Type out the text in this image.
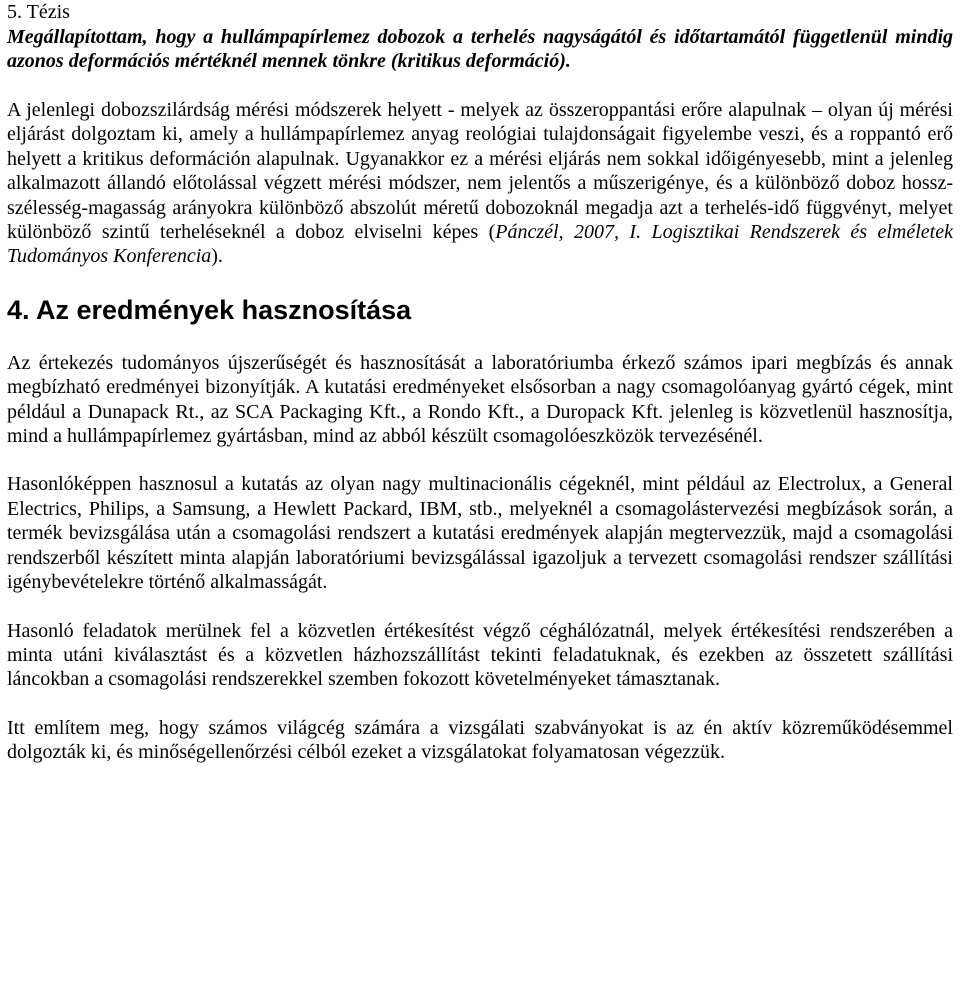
5. Tézis

Megállapítottam, hogy a hullámpapírlemez dobozok a terhelés nagyságától és időtartamától függetlenül mindig azonos deformációs mértéknél mennek tönkre (kritikus deformáció).

A jelenlegi dobozszilárdság mérési módszerek helyett - melyek az összeroppantási erőre alapulnak – olyan új mérési eljárást dolgoztam ki, amely a hullámpapírlemez anyag reológiai tulajdonságait figyelembe veszi, és a roppantó erő helyett a kritikus deformáción alapulnak. Ugyanakkor ez a mérési eljárás nem sokkal időigényesebb, mint a jelenleg alkalmazott állandó előtolással végzett mérési módszer, nem jelentős a műszerigénye, és a különböző doboz hossz-szélesség-magasság arányokra különböző abszolút méretű dobozoknál megadja azt a terhelés-idő függvényt, melyet különböző szintű terheléseknél a doboz elviselni képes (Pánczél, 2007, I. Logisztikai Rendszerek és elméletek Tudományos Konferencia).

4. Az eredmények hasznosítása

Az értekezés tudományos újszerűségét és hasznosítását a laboratóriumba érkező számos ipari megbízás és annak megbízható eredményei bizonyítják. A kutatási eredményeket elsősorban a nagy csomagolóanyag gyártó cégek, mint például a Dunapack Rt., az SCA Packaging Kft., a Rondo Kft., a Duropack Kft. jelenleg is közvetlenül hasznosítja, mind a hullámpapírlemez gyártásban, mind az abból készült csomagolóeszközök tervezésénél.

Hasonlóképpen hasznosul a kutatás az olyan nagy multinacionális cégeknél, mint például az Electrolux, a General Electrics, Philips, a Samsung, a Hewlett Packard, IBM, stb., melyeknél a csomagolástervezési megbízások során, a termék bevizsgálása után a csomagolási rendszert a kutatási eredmények alapján megtervezzük, majd a csomagolási rendszerből készített minta alapján laboratóriumi bevizsgálással igazoljuk a tervezett csomagolási rendszer szállítási igénybevételekre történő alkalmasságát.

Hasonló feladatok merülnek fel a közvetlen értékesítést végző céghálózatnál, melyek értékesítési rendszerében a minta utáni kiválasztást és a közvetlen házhozszállítást tekinti feladatuknak, és ezekben az összetett szállítási láncokban a csomagolási rendszerekkel szemben fokozott követelményeket támasztanak.

Itt említem meg, hogy számos világcég számára a vizsgálati szabványokat is az én aktív közreműködésemmel dolgozták ki, és minőségellenőrzési célból ezeket a vizsgálatokat folyamatosan végezzük.
